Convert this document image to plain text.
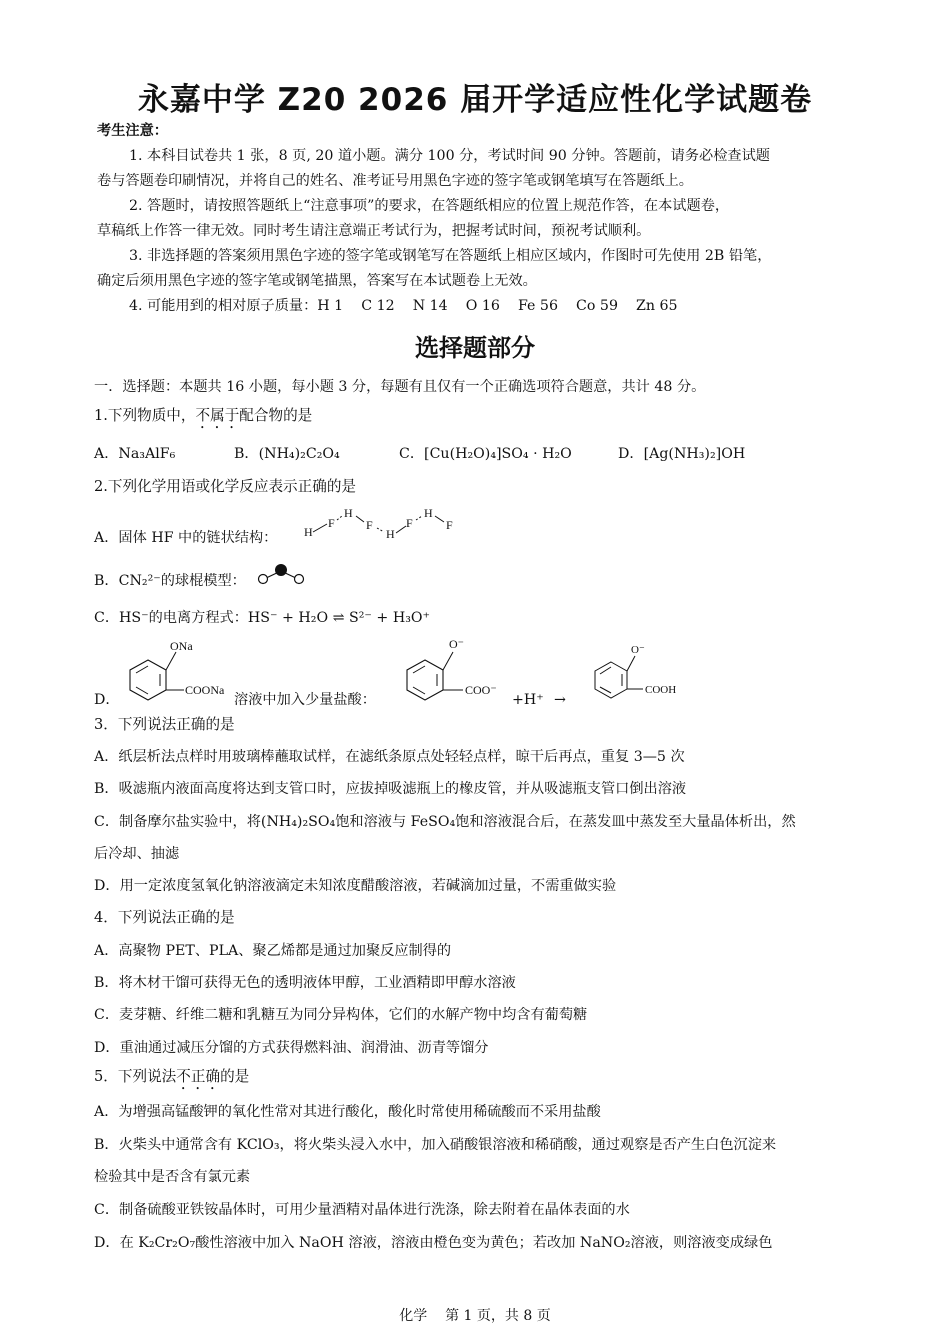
永嘉中学 Z20 2026 届开学适应性化学试题卷
考生注意：
1. 本科目试卷共 1 张，8 页, 20 道小题。满分 100 分，考试时间 90 分钟。答题前，请务必检查试题
卷与答题卷印刷情况，并将自己的姓名、准考证号用黑色字迹的签字笔或钢笔填写在答题纸上。
2. 答题时，请按照答题纸上“注意事项”的要求，在答题纸相应的位置上规范作答，在本试题卷，
草稿纸上作答一律无效。同时考生请注意端正考试行为，把握考试时间，预祝考试顺利。
3. 非选择题的答案须用黑色字迹的签字笔或钢笔写在答题纸上相应区域内，作图时可先使用 2B 铅笔，
确定后须用黑色字迹的签字笔或钢笔描黑，答案写在本试题卷上无效。
4. 可能用到的相对原子质量：H 1    C 12    N 14    O 16    Fe 56    Co 59    Zn 65
选择题部分
一．选择题：本题共 16 小题，每小题 3 分，每题有且仅有一个正确选项符合题意，共计 48 分。
1.下列物质中，不属于配合物的是
A．Na₃AlF₆	B．(NH₄)₂C₂O₄	C．[Cu(H₂O)₄]SO₄ · H₂O	D．[Ag(NH₃)₂]OH
2.下列化学用语或化学反应表示正确的是
A．固体 HF 中的链状结构： H
F
H
F
H
F
H
F
B．CN₂²⁻的球棍模型：
C．HS⁻的电离方程式：HS⁻ + H₂O ⇌ S²⁻ + H₃O⁺
D．
ONa
COONa
溶液中加入少量盐酸：
O⁻
COO⁻
+H⁺ →
O⁻
COOH
3．下列说法正确的是
A．纸层析法点样时用玻璃棒蘸取试样，在滤纸条原点处轻轻点样，晾干后再点，重复 3—5 次
B．吸滤瓶内液面高度将达到支管口时，应拔掉吸滤瓶上的橡皮管，并从吸滤瓶支管口倒出溶液
C．制备摩尔盐实验中，将(NH₄)₂SO₄饱和溶液与 FeSO₄饱和溶液混合后，在蒸发皿中蒸发至大量晶体析出，然
后冷却、抽滤
D．用一定浓度氢氧化钠溶液滴定未知浓度醋酸溶液，若碱滴加过量，不需重做实验
4．下列说法正确的是
A．高聚物 PET、PLA、聚乙烯都是通过加聚反应制得的
B．将木材干馏可获得无色的透明液体甲醇，工业酒精即甲醇水溶液
C．麦芽糖、纤维二糖和乳糖互为同分异构体，它们的水解产物中均含有葡萄糖
D．重油通过减压分馏的方式获得燃料油、润滑油、沥青等馏分
5．下列说法不正确的是
A．为增强高锰酸钾的氧化性常对其进行酸化，酸化时常使用稀硫酸而不采用盐酸
B．火柴头中通常含有 KClO₃，将火柴头浸入水中，加入硝酸银溶液和稀硝酸，通过观察是否产生白色沉淀来
检验其中是否含有氯元素
C．制备硫酸亚铁铵晶体时，可用少量酒精对晶体进行洗涤，除去附着在晶体表面的水
D．在 K₂Cr₂O₇酸性溶液中加入 NaOH 溶液，溶液由橙色变为黄色；若改加 NaNO₂溶液，则溶液变成绿色
化学    第 1 页，共 8 页
